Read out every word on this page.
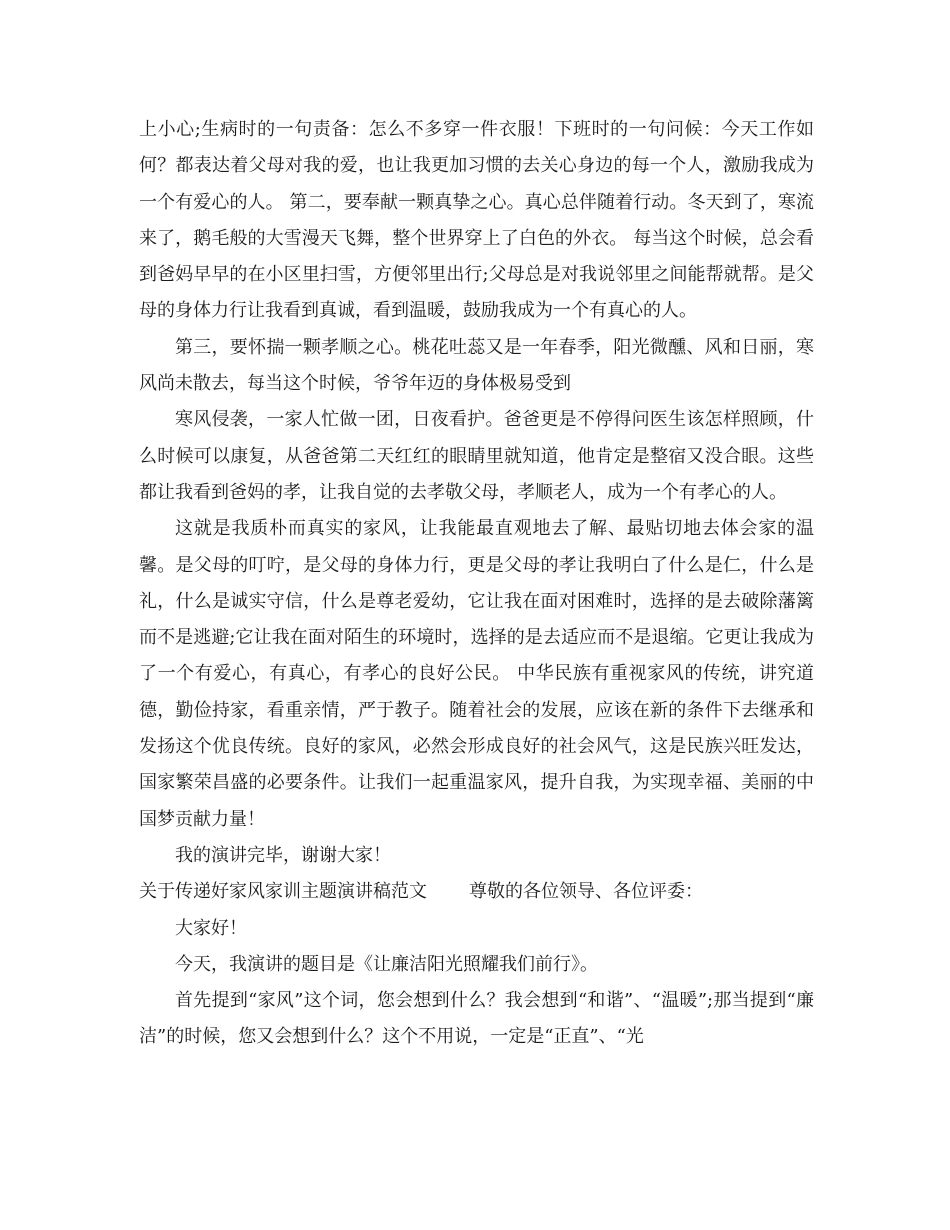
上小心;生病时的一句责备：怎么不多穿一件衣服！下班时的一句问候：今天工作如何？都表达着父母对我的爱，也让我更加习惯的去关心身边的每一个人，激励我成为一个有爱心的人。 第二，要奉献一颗真挚之心。真心总伴随着行动。冬天到了，寒流来了，鹅毛般的大雪漫天飞舞，整个世界穿上了白色的外衣。 每当这个时候，总会看到爸妈早早的在小区里扫雪，方便邻里出行;父母总是对我说邻里之间能帮就帮。是父母的身体力行让我看到真诚，看到温暖，鼓励我成为一个有真心的人。

第三，要怀揣一颗孝顺之心。桃花吐蕊又是一年春季，阳光微醺、风和日丽，寒风尚未散去，每当这个时候，爷爷年迈的身体极易受到

寒风侵袭，一家人忙做一团，日夜看护。爸爸更是不停得问医生该怎样照顾，什么时候可以康复，从爸爸第二天红红的眼睛里就知道，他肯定是整宿又没合眼。这些都让我看到爸妈的孝，让我自觉的去孝敬父母，孝顺老人，成为一个有孝心的人。

这就是我质朴而真实的家风，让我能最直观地去了解、最贴切地去体会家的温馨。是父母的叮咛，是父母的身体力行，更是父母的孝让我明白了什么是仁，什么是礼，什么是诚实守信，什么是尊老爱幼，它让我在面对困难时，选择的是去破除藩篱而不是逃避;它让我在面对陌生的环境时，选择的是去适应而不是退缩。它更让我成为了一个有爱心，有真心，有孝心的良好公民。 中华民族有重视家风的传统，讲究道德，勤俭持家，看重亲情，严于教子。随着社会的发展，应该在新的条件下去继承和发扬这个优良传统。良好的家风，必然会形成良好的社会风气，这是民族兴旺发达，国家繁荣昌盛的必要条件。让我们一起重温家风，提升自我，为实现幸福、美丽的中国梦贡献力量！

我的演讲完毕，谢谢大家！

关于传递好家风家训主题演讲稿范文 尊敬的各位领导、各位评委：

大家好！

今天，我演讲的题目是《让廉洁阳光照耀我们前行》。

首先提到“家风”这个词，您会想到什么？我会想到“和谐”、“温暖”;那当提到“廉洁”的时候，您又会想到什么？这个不用说，一定是“正直”、“光
